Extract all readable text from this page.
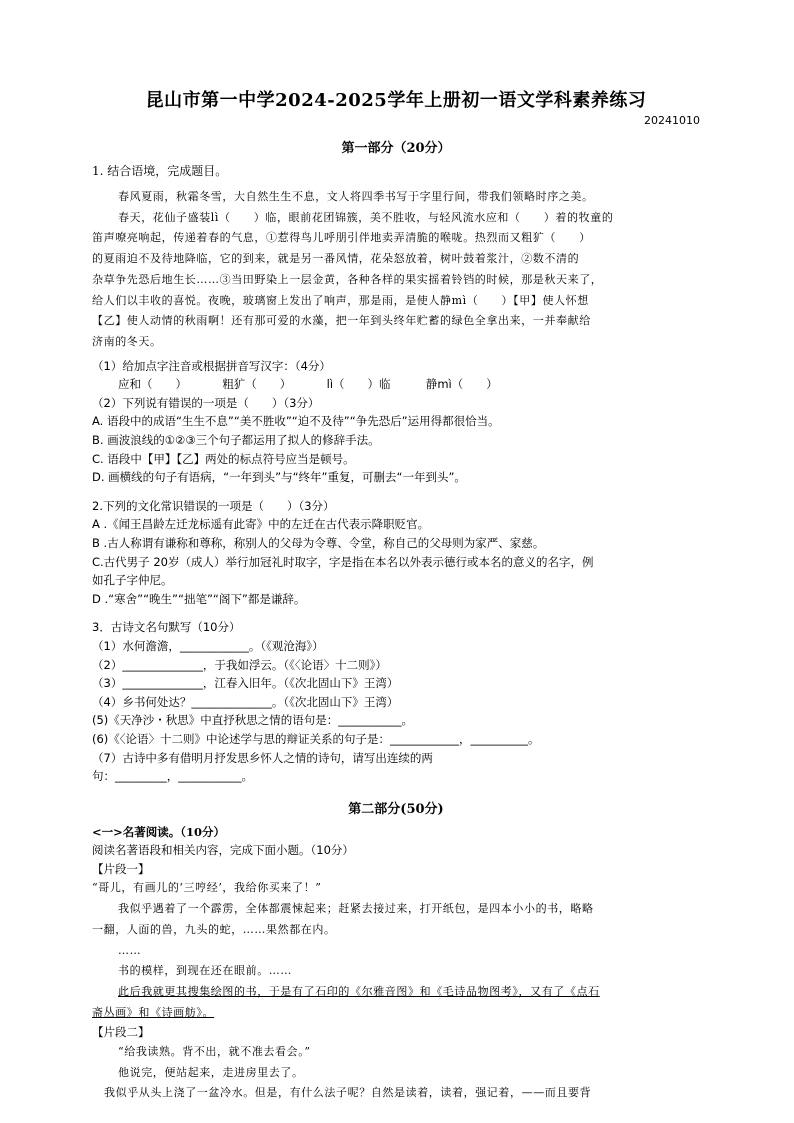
昆山市第一中学2024-2025学年上册初一语文学科素养练习
20241010
第一部分（20分）

1. 结合语境，完成题目。

春风夏雨，秋霜冬雪，大自然生生不息，文人将四季书写于字里行间，带我们领略时序之美。

春天，花仙子盛装lì（　　）临，眼前花团锦簇，美不胜收，与轻风流水应和（　　）着的牧童的

笛声嘹亮响起，传递着春的气息，①惹得鸟儿呼朋引伴地卖弄清脆的喉咙。热烈而又粗犷（　　）

的夏雨迫不及待地降临，它的到来，就是另一番风情，花朵怒放着，树叶鼓着浆汁，②数不清的

杂草争先恐后地生长……③当田野染上一层金黄，各种各样的果实摇着铃铛的时候，那是秋天来了，

给人们以丰收的喜悦。夜晚，玻璃窗上发出了响声，那是雨，是使人静mì（　　）【甲】使人怀想

【乙】使人动情的秋雨啊！还有那可爱的水藻，把一年到头终年贮蓄的绿色全拿出来，一并奉献给

济南的冬天。

（1）给加点字注音或根据拼音写汉字：（4分）

应和（　　）	粗犷（　　）	lì（　　）临	静mì（　　）

（2）下列说有错误的一项是（　　）（3分）

A. 语段中的成语“生生不息”“美不胜收”“迫不及待”“争先恐后”运用得都很恰当。

B. 画波浪线的①②③三个句子都运用了拟人的修辞手法。

C. 语段中【甲】【乙】两处的标点符号应当是顿号。

D. 画横线的句子有语病，“一年到头”与“终年”重复，可删去“一年到头”。

2.下列的文化常识错误的一项是（　　）（3分）

A .《闻王昌龄左迁龙标遥有此寄》中的左迁在古代表示降职贬官。

B .古人称谓有谦称和尊称，称别人的父母为令尊、令堂，称自己的父母则为家严、家慈。

C.古代男子 20岁（成人）举行加冠礼时取字，字是指在本名以外表示德行或本名的意义的名字，例

如孔子字仲尼。

D .“寒舍”“晚生”“拙笔”“阁下”都是谦辞。

3．古诗文名句默写（10分）

（1）水何澹澹，____________。（《观沧海》）

（2）______________，于我如浮云。（《〈论语〉十二则》）

（3）______________，江春入旧年。（《次北固山下》王湾）

（4）乡书何处达？______________。（《次北固山下》王湾）

(5)《天净沙・秋思》中直抒秋思之情的语句是：___________。

(6)《〈论语〉十二则》中论述学与思的辩证关系的句子是：____________，__________。

（7）古诗中多有借明月抒发思乡怀人之情的诗句，请写出连续的两

句：_________，___________。

第二部分(50分)

<一>名著阅读。（10分）

阅读名著语段和相关内容，完成下面小题。（10分）

【片段一】

“哥儿，有画儿的‘三哼经’，我给你买来了！”

我似乎遇着了一个霹雳，全体都震悚起来；赶紧去接过来，打开纸包，是四本小小的书，略略

一翻，人面的兽，九头的蛇，……果然都在内。

……

书的模样，到现在还在眼前。……

此后我就更其搜集绘图的书，于是有了石印的《尔雅音图》和《毛诗品物图考》，又有了《点石

斋丛画》和《诗画舫》。

【片段二】

“给我读熟。背不出，就不准去看会。”

他说完，便站起来，走进房里去了。

我似乎从头上浇了一盆冷水。但是，有什么法子呢？自然是读着，读着，强记着，——而且要背
